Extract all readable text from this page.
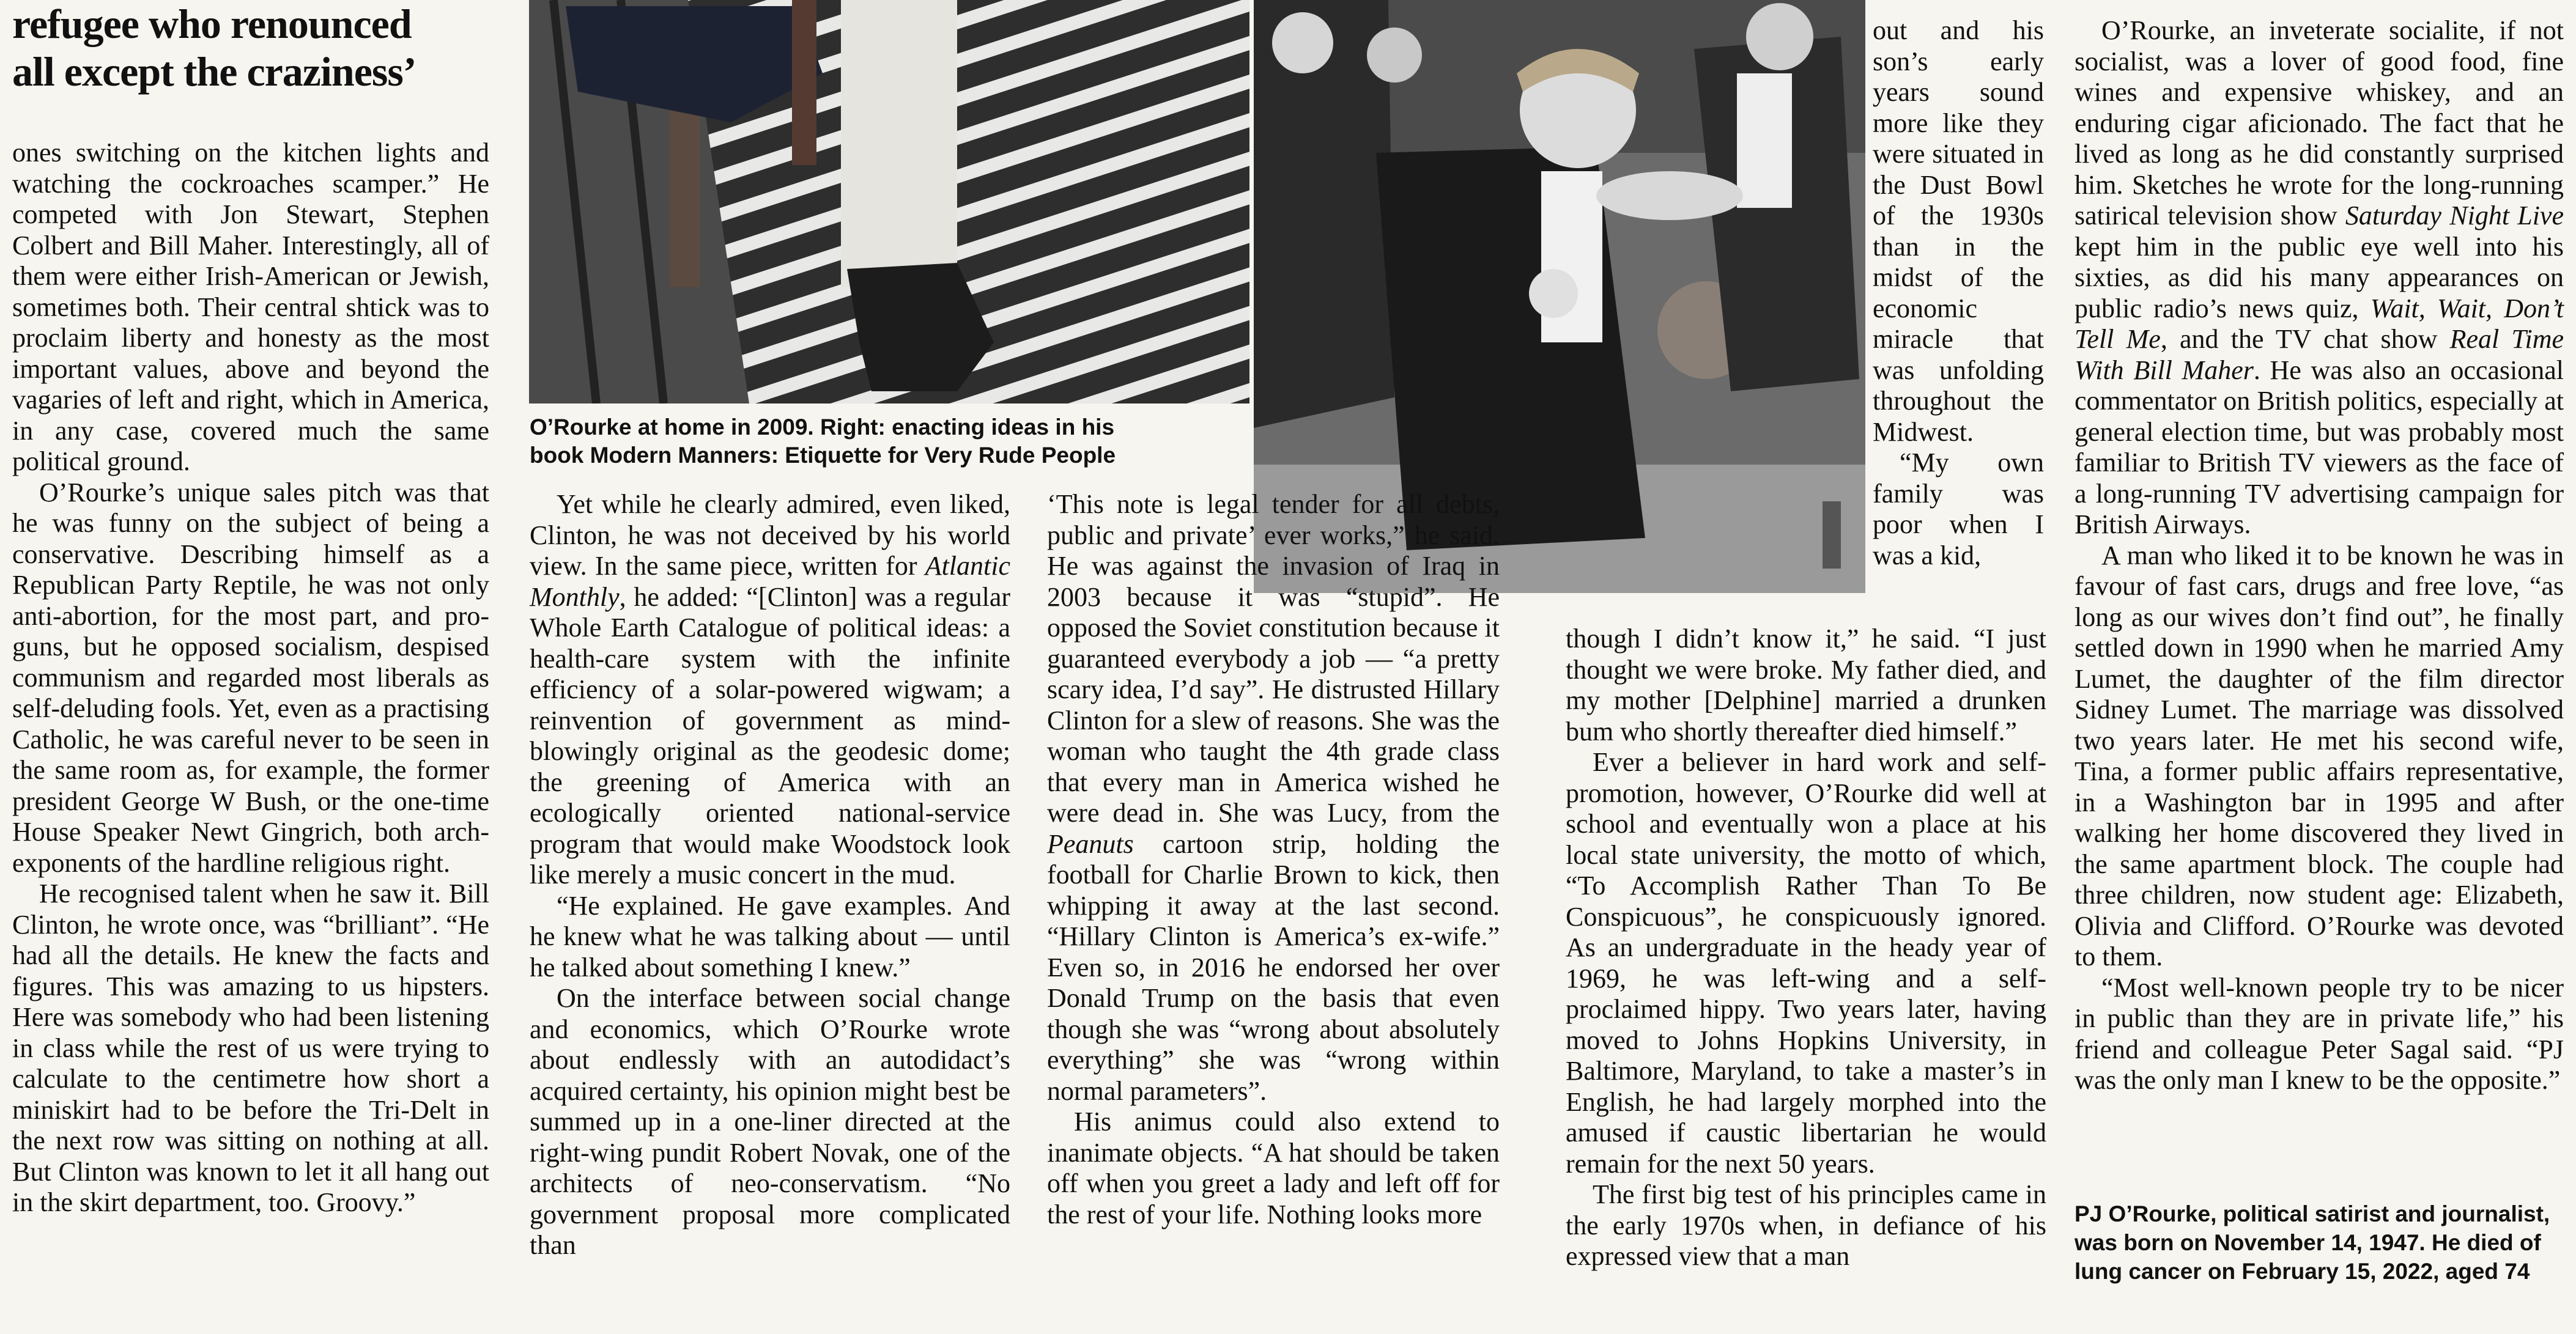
refugee who renounced
all except the craziness’
O’Rourke at home in 2009. Right: enacting ideas in his
book Modern Manners: Etiquette for Very Rude People

ones switching on the kitchen lights and watching the cockroaches scamper.” He competed with Jon Stewart, Stephen Colbert and Bill Maher. Interestingly, all of them were either Irish-American or Jewish, sometimes both. Their central shtick was to proclaim liberty and honesty as the most important values, above and beyond the vagaries of left and right, which in America, in any case, covered much the same political ground.

O’Rourke’s unique sales pitch was that he was funny on the subject of being a conservative. Describing himself as a Republican Party Reptile, he was not only anti-abortion, for the most part, and pro-guns, but he opposed socialism, despised communism and regarded most liberals as self-deluding fools. Yet, even as a practising Catholic, he was careful never to be seen in the same room as, for example, the former president George W Bush, or the one-time House Speaker Newt Gingrich, both arch-exponents of the hardline religious right.

He recognised talent when he saw it. Bill Clinton, he wrote once, was “brilliant”. “He had all the details. He knew the facts and figures. This was amazing to us hipsters. Here was somebody who had been listening in class while the rest of us were trying to calculate to the centimetre how short a miniskirt had to be before the Tri-Delt in the next row was sitting on nothing at all. But Clinton was known to let it all hang out in the skirt department, too. Groovy.”

Yet while he clearly admired, even liked, Clinton, he was not deceived by his world view. In the same piece, written for Atlantic Monthly, he added: “[Clinton] was a regular Whole Earth Catalogue of political ideas: a health-care system with the infinite efficiency of a solar-powered wigwam; a reinvention of government as mind-blowingly original as the geodesic dome; the greening of America with an ecologically oriented national-service program that would make Woodstock look like merely a music concert in the mud.

“He explained. He gave examples. And he knew what he was talking about — until he talked about something I knew.”

On the interface between social change and economics, which O’Rourke wrote about endlessly with an autodidact’s acquired certainty, his opinion might best be summed up in a one-liner directed at the right-wing pundit Robert Novak, one of the architects of neo-conservatism. “No government proposal more complicated than

‘This note is legal tender for all debts, public and private’ ever works,” he said. He was against the invasion of Iraq in 2003 because it was “stupid”. He opposed the Soviet constitution because it guaranteed everybody a job — “a pretty scary idea, I’d say”. He distrusted Hillary Clinton for a slew of reasons. She was the woman who taught the 4th grade class that every man in America wished he were dead in. She was Lucy, from the Peanuts cartoon strip, holding the football for Charlie Brown to kick, then whipping it away at the last second. “Hillary Clinton is America’s ex-wife.” Even so, in 2016 he endorsed her over Donald Trump on the basis that even though she was “wrong about absolutely everything” she was “wrong within normal parameters”.

His animus could also extend to inanimate objects. “A hat should be taken off when you greet a lady and left off for the rest of your life. Nothing looks more

out and his son’s early years sound more like they were situated in the Dust Bowl of the 1930s than in the midst of the economic miracle that was unfolding throughout the Midwest.

“My own family was poor when I was a kid,

though I didn’t know it,” he said. “I just thought we were broke. My father died, and my mother [Delphine] married a drunken bum who shortly thereafter died himself.”

Ever a believer in hard work and self-promotion, however, O’Rourke did well at school and eventually won a place at his local state university, the motto of which, “To Accomplish Rather Than To Be Conspicuous”, he conspicuously ignored. As an undergraduate in the heady year of 1969, he was left-wing and a self-proclaimed hippy. Two years later, having moved to Johns Hopkins University, in Baltimore, Maryland, to take a master’s in English, he had largely morphed into the amused if caustic libertarian he would remain for the next 50 years.

The first big test of his principles came in the early 1970s when, in defiance of his expressed view that a man

O’Rourke, an inveterate socialite, if not socialist, was a lover of good food, fine wines and expensive whiskey, and an enduring cigar aficionado. The fact that he lived as long as he did constantly surprised him. Sketches he wrote for the long-running satirical television show Saturday Night Live kept him in the public eye well into his sixties, as did his many appearances on public radio’s news quiz, Wait, Wait, Don’t Tell Me, and the TV chat show Real Time With Bill Maher. He was also an occasional commentator on British politics, especially at general election time, but was probably most familiar to British TV viewers as the face of a long-running TV advertising campaign for British Airways.

A man who liked it to be known he was in favour of fast cars, drugs and free love, “as long as our wives don’t find out”, he finally settled down in 1990 when he married Amy Lumet, the daughter of the film director Sidney Lumet. The marriage was dissolved two years later. He met his second wife, Tina, a former public affairs representative, in a Washington bar in 1995 and after walking her home discovered they lived in the same apartment block. The couple had three children, now student age: Elizabeth, Olivia and Clifford. O’Rourke was devoted to them.

“Most well-known people try to be nicer in public than they are in private life,” his friend and colleague Peter Sagal said. “PJ was the only man I knew to be the opposite.”

PJ O’Rourke, political satirist and journalist, was born on November 14, 1947. He died of lung cancer on February 15, 2022, aged 74
